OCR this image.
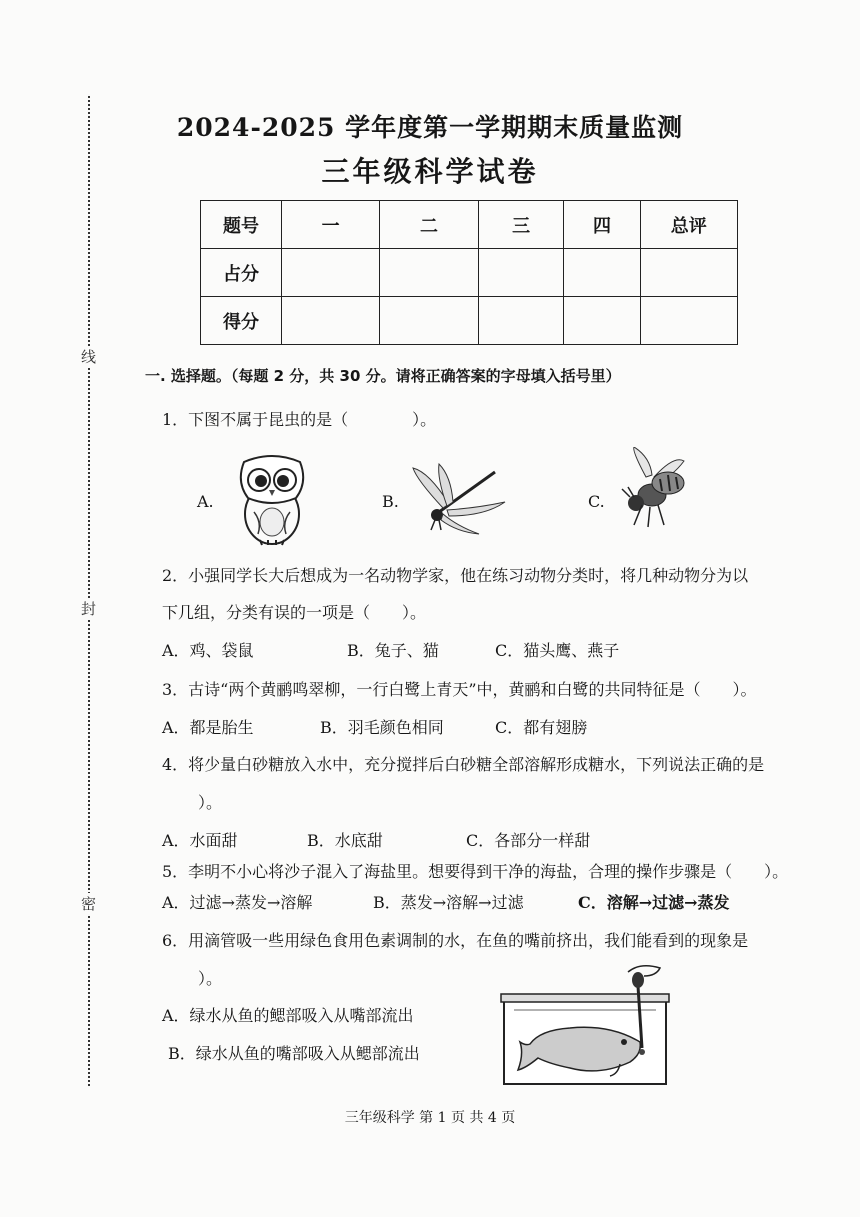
线
封
密
2024-2025 学年度第一学期期末质量监测
三年级科学试卷
题号	一	二	三	四	总评
占分					
得分					
一. 选择题。（每题 2 分，共 30 分。请将正确答案的字母填入括号里）
1．下图不属于昆虫的是（　　　　）。
A.	B.	C.
2．小强同学长大后想成为一名动物学家，他在练习动物分类时，将几种动物分为以
下几组，分类有误的一项是（　　）。
A．鸡、袋鼠	B．兔子、猫	C．猫头鹰、燕子
3．古诗“两个黄鹂鸣翠柳，一行白鹭上青天”中，黄鹂和白鹭的共同特征是（　　）。
A．都是胎生	B．羽毛颜色相同	C．都有翅膀
4．将少量白砂糖放入水中，充分搅拌后白砂糖全部溶解形成糖水，下列说法正确的是
）。
A．水面甜	B．水底甜	C．各部分一样甜
5．李明不小心将沙子混入了海盐里。想要得到干净的海盐，合理的操作步骤是（　　）。
A．过滤→蒸发→溶解	B．蒸发→溶解→过滤	C．溶解→过滤→蒸发
6．用滴管吸一些用绿色食用色素调制的水，在鱼的嘴前挤出，我们能看到的现象是
）。
A．绿水从鱼的鳃部吸入从嘴部流出
B．绿水从鱼的嘴部吸入从鳃部流出
三年级科学 第 1 页 共 4 页
